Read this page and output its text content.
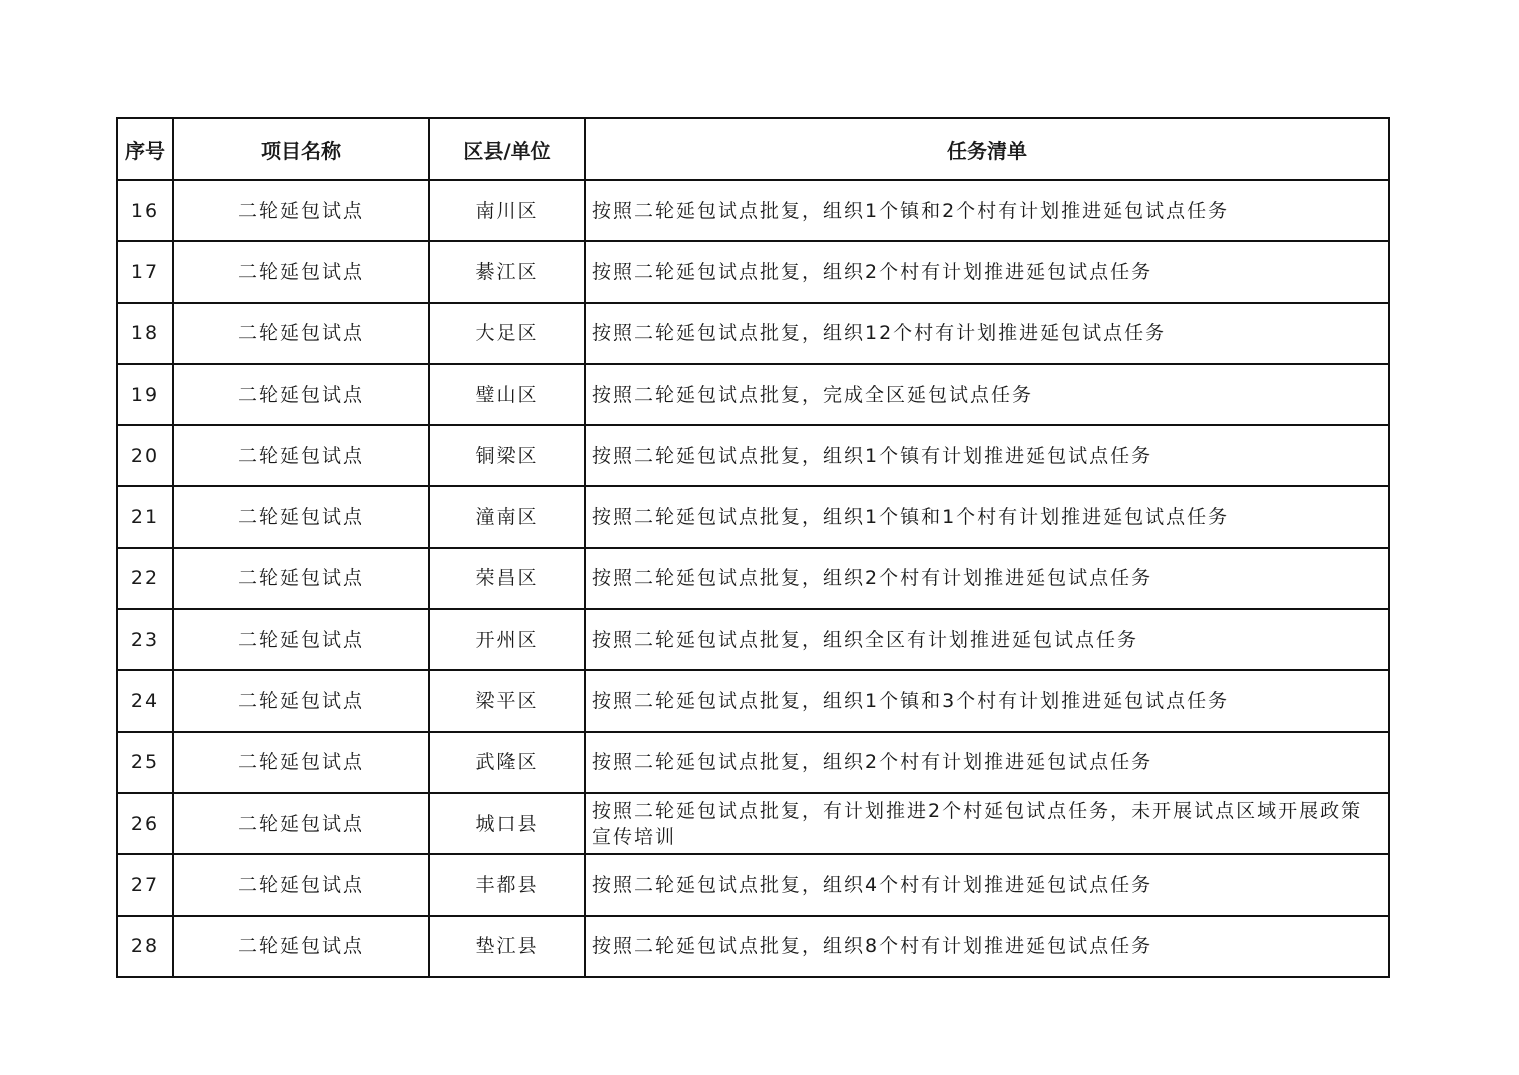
序号	项目名称	区县/单位	任务清单
16	二轮延包试点	南川区	按照二轮延包试点批复，组织1个镇和2个村有计划推进延包试点任务
17	二轮延包试点	綦江区	按照二轮延包试点批复，组织2个村有计划推进延包试点任务
18	二轮延包试点	大足区	按照二轮延包试点批复，组织12个村有计划推进延包试点任务
19	二轮延包试点	璧山区	按照二轮延包试点批复，完成全区延包试点任务
20	二轮延包试点	铜梁区	按照二轮延包试点批复，组织1个镇有计划推进延包试点任务
21	二轮延包试点	潼南区	按照二轮延包试点批复，组织1个镇和1个村有计划推进延包试点任务
22	二轮延包试点	荣昌区	按照二轮延包试点批复，组织2个村有计划推进延包试点任务
23	二轮延包试点	开州区	按照二轮延包试点批复，组织全区有计划推进延包试点任务
24	二轮延包试点	梁平区	按照二轮延包试点批复，组织1个镇和3个村有计划推进延包试点任务
25	二轮延包试点	武隆区	按照二轮延包试点批复，组织2个村有计划推进延包试点任务
26	二轮延包试点	城口县	按照二轮延包试点批复，有计划推进2个村延包试点任务，未开展试点区域开展政策宣传培训
27	二轮延包试点	丰都县	按照二轮延包试点批复，组织4个村有计划推进延包试点任务
28	二轮延包试点	垫江县	按照二轮延包试点批复，组织8个村有计划推进延包试点任务
